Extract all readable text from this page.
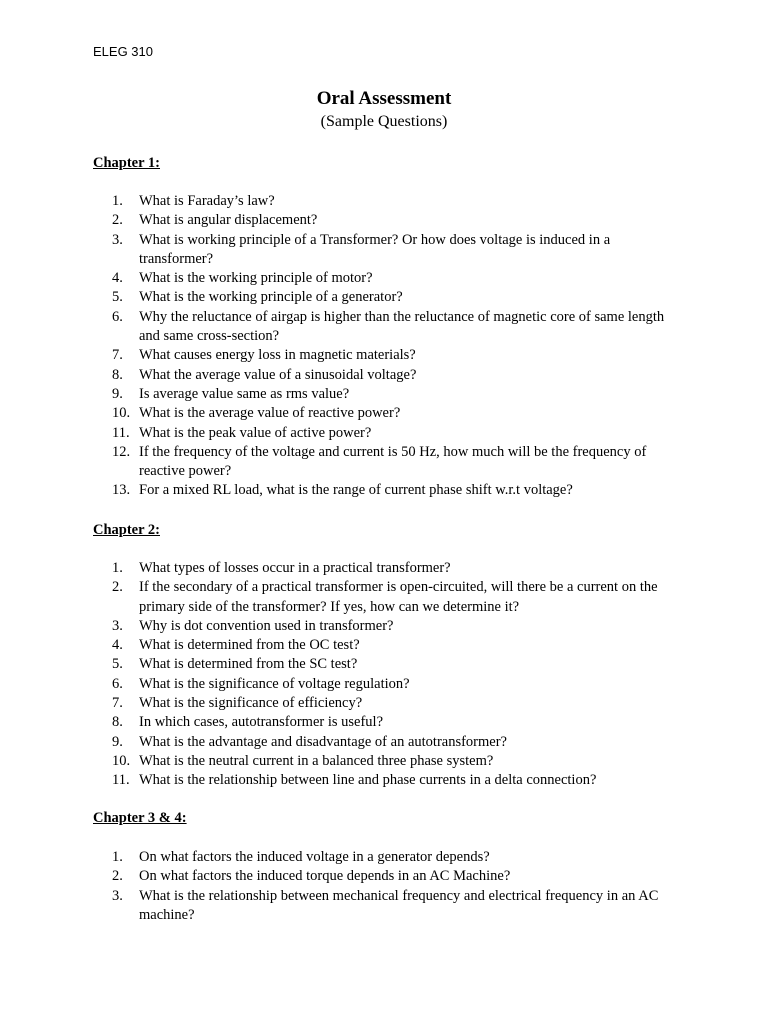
ELEG 310
Oral Assessment
(Sample Questions)
Chapter 1:
1.	What is Faraday’s law?
2.	What is angular displacement?
3.	What is working principle of a Transformer? Or how does voltage is induced in a transformer?
4.	What is the working principle of motor?
5.	What is the working principle of a generator?
6.	Why the reluctance of airgap is higher than the reluctance of magnetic core of same length and same cross-section?
7.	What causes energy loss in magnetic materials?
8.	What the average value of a sinusoidal voltage?
9.	Is average value same as rms value?
10. What is the average value of reactive power?
11. What is the peak value of active power?
12. If the frequency of the voltage and current is 50 Hz, how much will be the frequency of reactive power?
13. For a mixed RL load, what is the range of current phase shift w.r.t voltage?
Chapter 2:
1.	What types of losses occur in a practical transformer?
2.	If the secondary of a practical transformer is open-circuited, will there be a current on the primary side of the transformer? If yes, how can we determine it?
3.	Why is dot convention used in transformer?
4.	What is determined from the OC test?
5.	What is determined from the SC test?
6.	What is the significance of voltage regulation?
7.	What is the significance of efficiency?
8.	In which cases, autotransformer is useful?
9.	What is the advantage and disadvantage of an autotransformer?
10. What is the neutral current in a balanced three phase system?
11. What is the relationship between line and phase currents in a delta connection?
Chapter 3 & 4:
1.	On what factors the induced voltage in a generator depends?
2.	On what factors the induced torque depends in an AC Machine?
3.	What is the relationship between mechanical frequency and electrical frequency in an AC machine?
